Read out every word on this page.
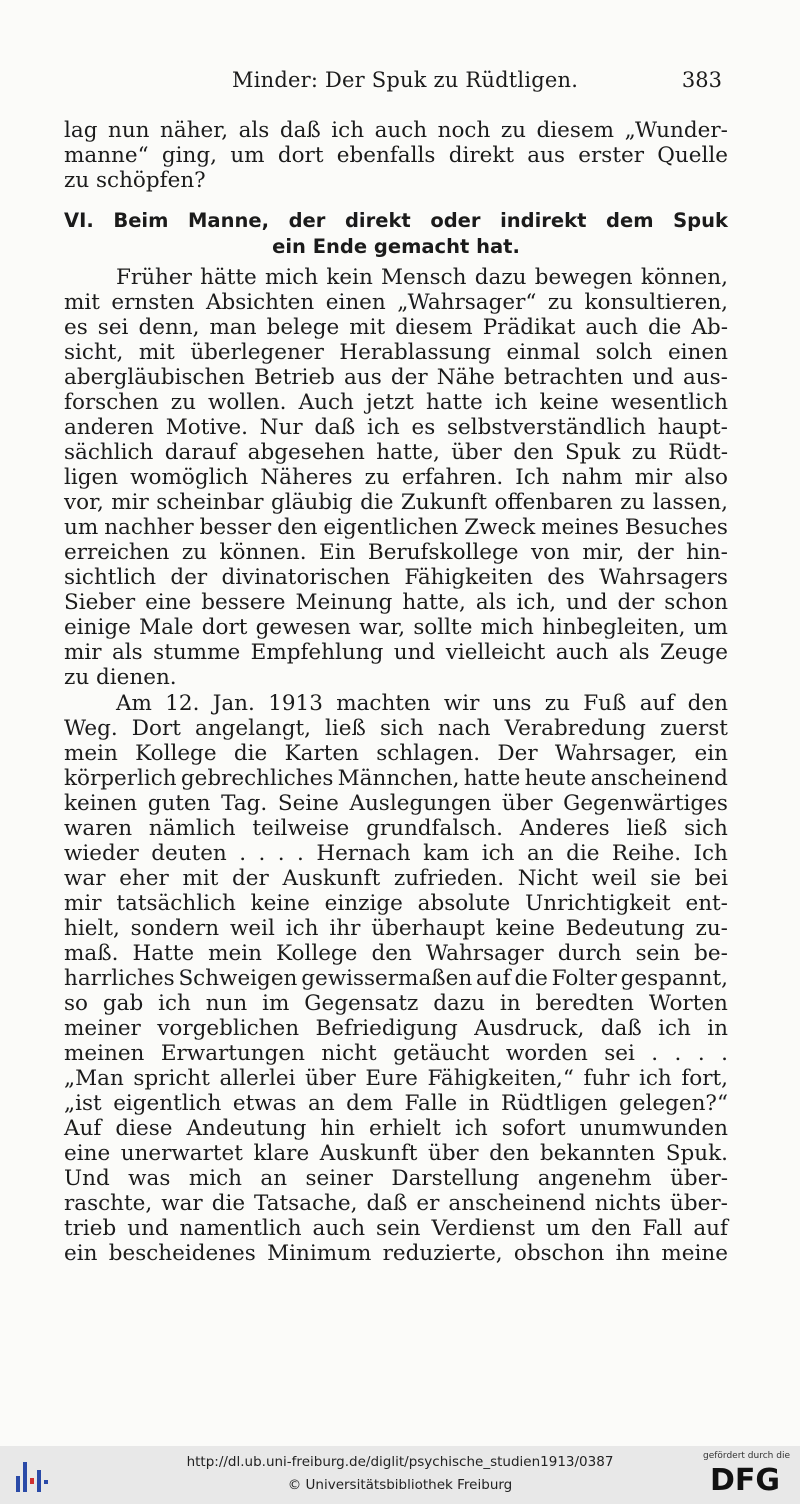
Minder: Der Spuk zu Rüdtligen.	383
lag nun näher, als daß ich auch noch zu diesem „Wunder-
manne“ ging, um dort ebenfalls direkt aus erster Quelle
zu schöpfen?
VI. Beim Manne, der direkt oder indirekt dem Spuk
ein Ende gemacht hat.
Früher hätte mich kein Mensch dazu bewegen können,
mit ernsten Absichten einen „Wahrsager“ zu konsultieren,
es sei denn, man belege mit diesem Prädikat auch die Ab-
sicht, mit überlegener Herablassung einmal solch einen
abergläubischen Betrieb aus der Nähe betrachten und aus-
forschen zu wollen. Auch jetzt hatte ich keine wesentlich
anderen Motive. Nur daß ich es selbstverständlich haupt-
sächlich darauf abgesehen hatte, über den Spuk zu Rüdt-
ligen womöglich Näheres zu erfahren. Ich nahm mir also
vor, mir scheinbar gläubig die Zukunft offenbaren zu lassen,
um nachher besser den eigentlichen Zweck meines Besuches
erreichen zu können. Ein Berufskollege von mir, der hin-
sichtlich der divinatorischen Fähigkeiten des Wahrsagers
Sieber eine bessere Meinung hatte, als ich, und der schon
einige Male dort gewesen war, sollte mich hinbegleiten, um
mir als stumme Empfehlung und vielleicht auch als Zeuge
zu dienen.
Am 12. Jan. 1913 machten wir uns zu Fuß auf den
Weg. Dort angelangt, ließ sich nach Verabredung zuerst
mein Kollege die Karten schlagen. Der Wahrsager, ein
körperlich gebrechliches Männchen, hatte heute anscheinend
keinen guten Tag. Seine Auslegungen über Gegenwärtiges
waren nämlich teilweise grundfalsch. Anderes ließ sich
wieder deuten . . . . Hernach kam ich an die Reihe. Ich
war eher mit der Auskunft zufrieden. Nicht weil sie bei
mir tatsächlich keine einzige absolute Unrichtigkeit ent-
hielt, sondern weil ich ihr überhaupt keine Bedeutung zu-
maß. Hatte mein Kollege den Wahrsager durch sein be-
harrliches Schweigen gewissermaßen auf die Folter gespannt,
so gab ich nun im Gegensatz dazu in beredten Worten
meiner vorgeblichen Befriedigung Ausdruck, daß ich in
meinen Erwartungen nicht getäucht worden sei . . . .
„Man spricht allerlei über Eure Fähigkeiten,“ fuhr ich fort,
„ist eigentlich etwas an dem Falle in Rüdtligen gelegen?“
Auf diese Andeutung hin erhielt ich sofort unumwunden
eine unerwartet klare Auskunft über den bekannten Spuk.
Und was mich an seiner Darstellung angenehm über-
raschte, war die Tatsache, daß er anscheinend nichts über-
trieb und namentlich auch sein Verdienst um den Fall auf
ein bescheidenes Minimum reduzierte, obschon ihn meine
http://dl.ub.uni-freiburg.de/diglit/psychische_studien1913/0387
© Universitätsbibliothek Freiburg
gefördert durch die
DFG
